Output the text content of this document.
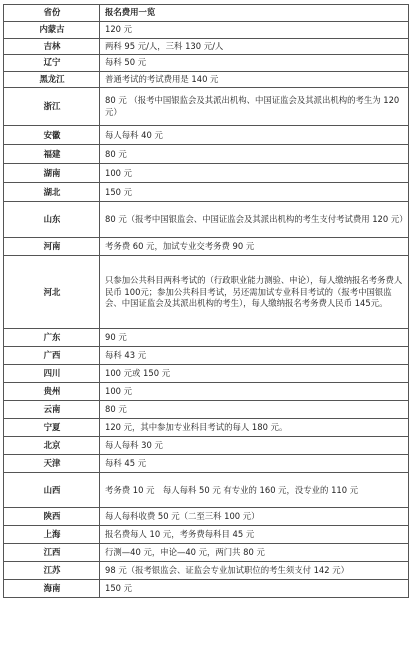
省份	报名费用一览
内蒙古	120 元
吉林	两科 95 元/人，三科 130 元/人
辽宁	每科 50 元
黑龙江	普通考试的考试费用是 140 元
浙江	80 元 （报考中国银监会及其派出机构、中国证监会及其派出机构的考生为 120 元）
安徽	每人每科 40 元
福建	80 元
湖南	100 元
湖北	150 元
山东	80 元（报考中国银监会、中国证监会及其派出机构的考生支付考试费用 120 元）
河南	考务费 60 元，加试专业交考务费 90 元
河北	只参加公共科目两科考试的（行政职业能力测验、申论），每人缴纳报名考务费人民币 100元；参加公共科目考试，另还需加试专业科目考试的（报考中国银监会、中国证监会及其派出机构的考生），每人缴纳报名考务费人民币 145元。
广东	90 元
广西	每科 43 元
四川	100 元或 150 元
贵州	100 元
云南	80 元
宁夏	120 元，其中参加专业科目考试的每人 180 元。
北京	每人每科 30 元
天津	每科 45 元
山西	考务费 10 元　每人每科 50 元 有专业的 160 元，没专业的 110 元
陕西	每人每科收费 50 元（二至三科 100 元）
上海	报名费每人 10 元，考务费每科目 45 元
江西	行测—40 元，申论—40 元，两门共 80 元
江苏	98 元（报考银监会、证监会专业加试职位的考生须支付 142 元）
海南	150 元
